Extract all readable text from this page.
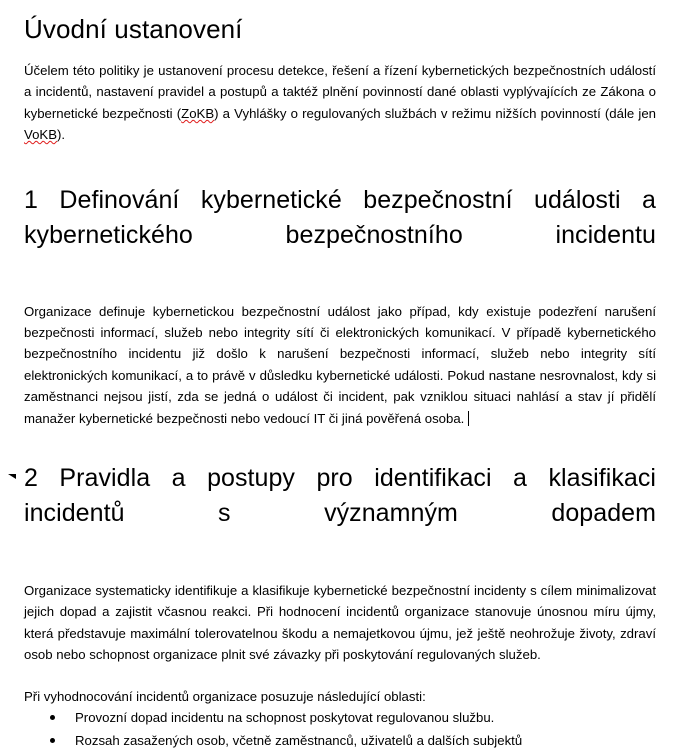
Úvodní ustanovení

Účelem této politiky je ustanovení procesu detekce, řešení a řízení kybernetických bezpečnostních událostí a incidentů, nastavení pravidel a postupů a taktéž plnění povinností dané oblasti vyplývajících ze Zákona o kybernetické bezpečnosti (ZoKB) a Vyhlášky o regulovaných službách v režimu nižších povinností (dále jen VoKB).

1 Definování kybernetické bezpečnostní události a kybernetického bezpečnostního incidentu

Organizace definuje kybernetickou bezpečnostní událost jako případ, kdy existuje podezření narušení bezpečnosti informací, služeb nebo integrity sítí či elektronických komunikací. V případě kybernetického bezpečnostního incidentu již došlo k narušení bezpečnosti informací, služeb nebo integrity sítí elektronických komunikací, a to právě v důsledku kybernetické události. Pokud nastane nesrovnalost, kdy si zaměstnanci nejsou jistí, zda se jedná o událost či incident, pak vzniklou situaci nahlásí a stav jí přidělí manažer kybernetické bezpečnosti nebo vedoucí IT či jiná pověřená osoba.

2 Pravidla a postupy pro identifikaci a klasifikaci incidentů s významným dopadem

Organizace systematicky identifikuje a klasifikuje kybernetické bezpečnostní incidenty s cílem minimalizovat jejich dopad a zajistit včasnou reakci. Při hodnocení incidentů organizace stanovuje únosnou míru újmy, která představuje maximální tolerovatelnou škodu a nemajetkovou újmu, jež ještě neohrožuje životy, zdraví osob nebo schopnost organizace plnit své závazky při poskytování regulovaných služeb.

Při vyhodnocování incidentů organizace posuzuje následující oblasti:

Provozní dopad incidentu na schopnost poskytovat regulovanou službu.
Rozsah zasažených osob, včetně zaměstnanců, uživatelů a dalších subjektů
